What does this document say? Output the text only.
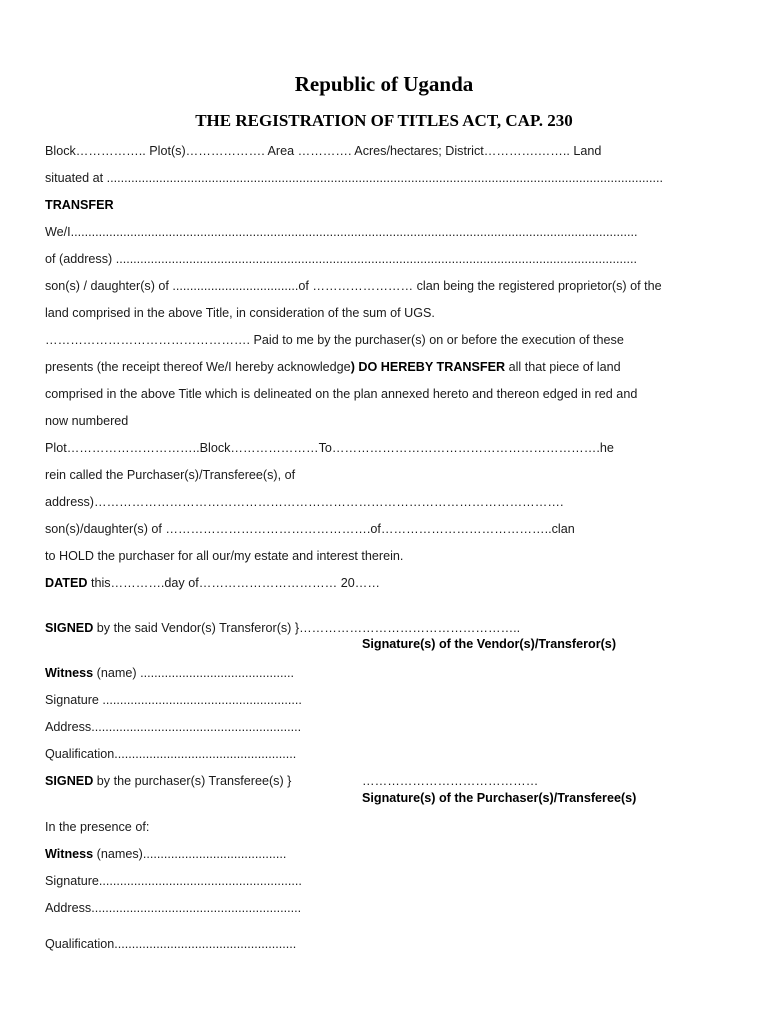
Republic of Uganda
THE REGISTRATION OF TITLES ACT, CAP. 230
Block…………….. Plot(s)………………. Area …………. Acres/hectares; District………….…….. Land
situated at ...............................................................................................................................................................
TRANSFER
We/I..................................................................................................................................................................
of (address) .....................................................................................................................................................
son(s) / daughter(s) of ....................................of …………………… clan being the registered proprietor(s) of the
land comprised in the above Title, in consideration of the sum of UGS.
…………………………………………. Paid to me by the purchaser(s) on or before the execution of these
presents (the receipt thereof We/I hereby acknowledge) DO HEREBY TRANSFER all that piece of land
comprised in the above Title which is delineated on the plan annexed hereto and thereon edged in red and
now numbered
Plot…………………………..Block…………………To……………………………………………………….he
rein called the Purchaser(s)/Transferee(s), of
address)………………………………………………………………………………………………….
son(s)/daughter(s) of ………………………………………….of…………………………………..clan
to HOLD the purchaser for all our/my estate and interest therein.
DATED this………….day of…………………………… 20……
SIGNED by the said Vendor(s) Transferor(s) }……………………………………………..
Signature(s) of the Vendor(s)/Transferor(s)
Witness (name) ............................................
Signature .........................................................
Address............................................................
Qualification....................................................
SIGNED by the purchaser(s) Transferee(s) }	……………………………………
Signature(s) of the Purchaser(s)/Transferee(s)
In the presence of:
Witness (names).........................................
Signature..........................................................
Address............................................................
Qualification....................................................
